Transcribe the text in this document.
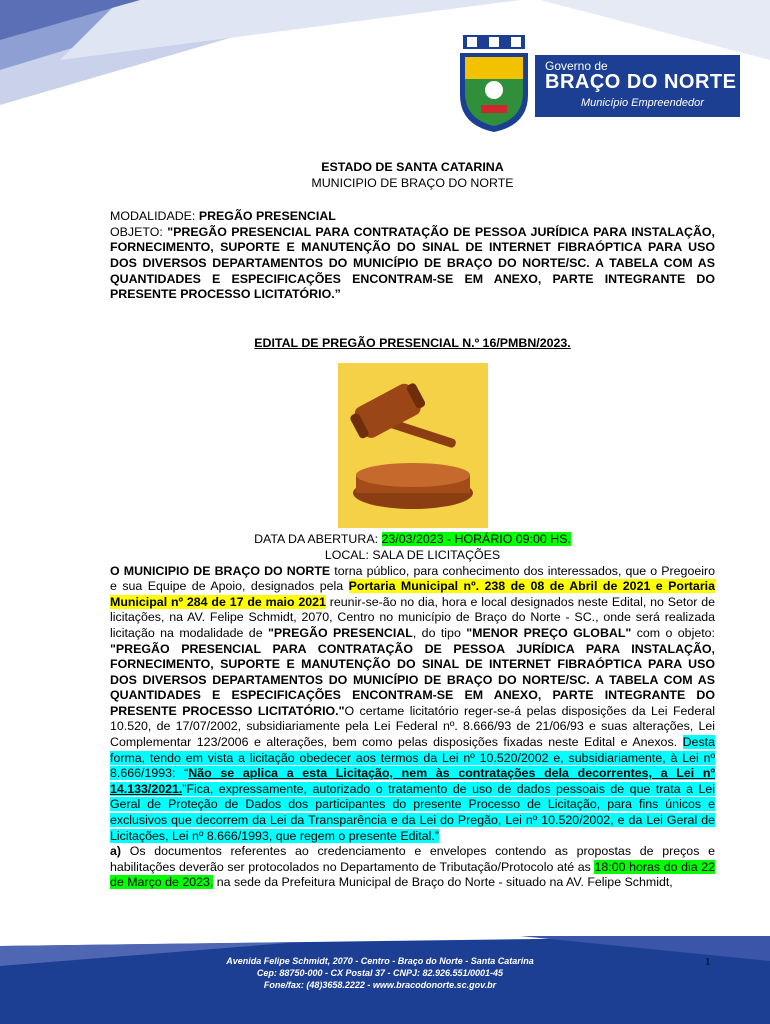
Governo de
BRAÇO DO NORTE
Município Empreendedor
ESTADO DE SANTA CATARINA
MUNICIPIO DE BRAÇO DO NORTE
MODALIDADE: PREGÃO PRESENCIAL
OBJETO: "PREGÃO PRESENCIAL PARA CONTRATAÇÃO DE PESSOA JURÍDICA PARA INSTALAÇÃO, FORNECIMENTO, SUPORTE E MANUTENÇÃO DO SINAL DE INTERNET FIBRAÓPTICA PARA USO DOS DIVERSOS DEPARTAMENTOS DO MUNICÍPIO DE BRAÇO DO NORTE/SC. A TABELA COM AS QUANTIDADES E ESPECIFICAÇÕES ENCONTRAM-SE EM ANEXO, PARTE INTEGRANTE DO PRESENTE PROCESSO LICITATÓRIO.”
EDITAL DE PREGÃO PRESENCIAL N.º 16/PMBN/2023.
DATA DA ABERTURA: 23/03/2023 - HORÁRIO 09:00 HS.
LOCAL: SALA DE LICITAÇÕES
O MUNICIPIO DE BRAÇO DO NORTE torna público, para conhecimento dos interessados, que o Pregoeiro e sua Equipe de Apoio, designados pela Portaria Municipal nº. 238 de 08 de Abril de 2021 e Portaria Municipal nº 284 de 17 de maio 2021 reunir-se-ão no dia, hora e local designados neste Edital, no Setor de licitações, na AV. Felipe Schmidt, 2070, Centro no município de Braço do Norte - SC., onde será realizada licitação na modalidade de "PREGÃO PRESENCIAL, do tipo "MENOR PREÇO GLOBAL" com o objeto: "PREGÃO PRESENCIAL PARA CONTRATAÇÃO DE PESSOA JURÍDICA PARA INSTALAÇÃO, FORNECIMENTO, SUPORTE E MANUTENÇÃO DO SINAL DE INTERNET FIBRAÓPTICA PARA USO DOS DIVERSOS DEPARTAMENTOS DO MUNICÍPIO DE BRAÇO DO NORTE/SC. A TABELA COM AS QUANTIDADES E ESPECIFICAÇÕES ENCONTRAM-SE EM ANEXO, PARTE INTEGRANTE DO PRESENTE PROCESSO LICITATÓRIO."O certame licitatório reger-se-á pelas disposições da Lei Federal 10.520, de 17/07/2002, subsidiariamente pela Lei Federal nº. 8.666/93 de 21/06/93 e suas alterações, Lei Complementar 123/2006 e alterações, bem como pelas disposições fixadas neste Edital e Anexos. Desta forma, tendo em vista a licitação obedecer aos termos da Lei nº 10.520/2002 e, subsidiariamente, à Lei nº 8.666/1993: “Não se aplica a esta Licitação, nem às contratações dela decorrentes, a Lei nº 14.133/2021.”Fica, expressamente, autorizado o tratamento de uso de dados pessoais de que trata a Lei Geral de Proteção de Dados dos participantes do presente Processo de Licitação, para fins únicos e exclusivos que decorrem da Lei da Transparência e da Lei do Pregão, Lei nº 10.520/2002, e da Lei Geral de Licitações, Lei nº 8.666/1993, que regem o presente Edital.”
a) Os documentos referentes ao credenciamento e envelopes contendo as propostas de preços e habilitações deverão ser protocolados no Departamento de Tributação/Protocolo até as 18:00 horas do dia 22 de Março de 2023, na sede da Prefeitura Municipal de Braço do Norte - situado na AV. Felipe Schmidt,
Avenida Felipe Schmidt, 2070 - Centro - Braço do Norte - Santa Catarina
Cep: 88750-000 - CX Postal 37 - CNPJ: 82.926.551/0001-45
Fone/fax: (48)3658.2222 - www.bracodonorte.sc.gov.br
1
